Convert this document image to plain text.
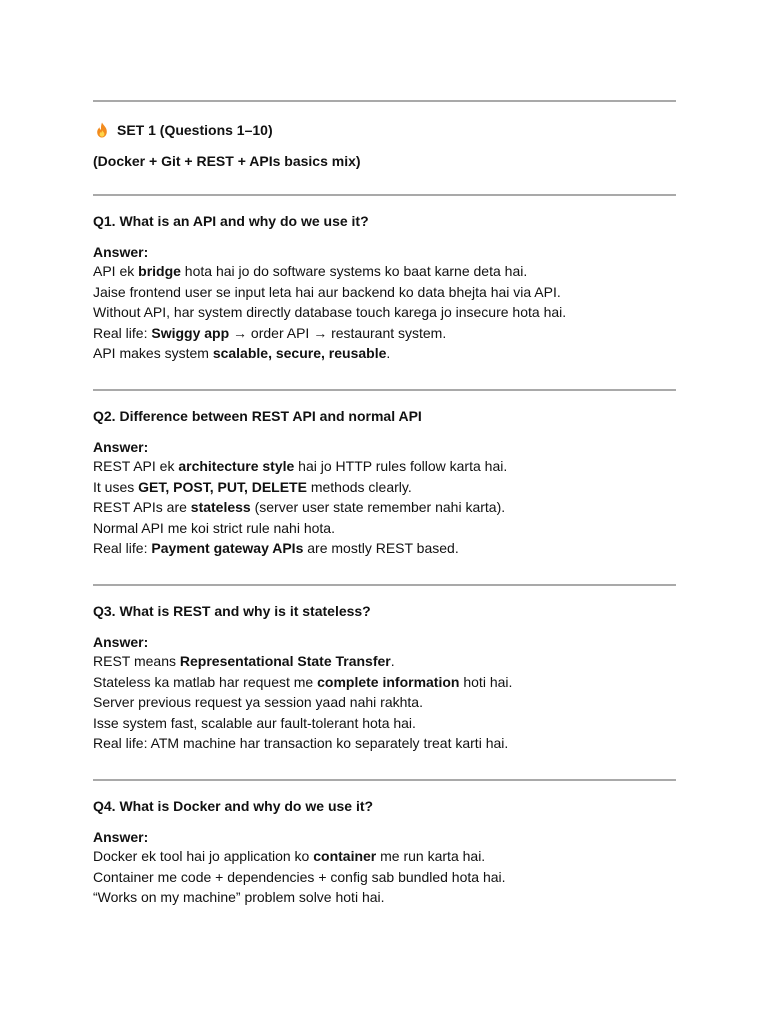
SET 1 (Questions 1–10)
(Docker + Git + REST + APIs basics mix)
Q1. What is an API and why do we use it?
Answer:
API ek bridge hota hai jo do software systems ko baat karne deta hai.
Jaise frontend user se input leta hai aur backend ko data bhejta hai via API.
Without API, har system directly database touch karega jo insecure hota hai.
Real life: Swiggy app → order API → restaurant system.
API makes system scalable, secure, reusable.
Q2. Difference between REST API and normal API
Answer:
REST API ek architecture style hai jo HTTP rules follow karta hai.
It uses GET, POST, PUT, DELETE methods clearly.
REST APIs are stateless (server user state remember nahi karta).
Normal API me koi strict rule nahi hota.
Real life: Payment gateway APIs are mostly REST based.
Q3. What is REST and why is it stateless?
Answer:
REST means Representational State Transfer.
Stateless ka matlab har request me complete information hoti hai.
Server previous request ya session yaad nahi rakhta.
Isse system fast, scalable aur fault-tolerant hota hai.
Real life: ATM machine har transaction ko separately treat karti hai.
Q4. What is Docker and why do we use it?
Answer:
Docker ek tool hai jo application ko container me run karta hai.
Container me code + dependencies + config sab bundled hota hai.
“Works on my machine” problem solve hoti hai.
